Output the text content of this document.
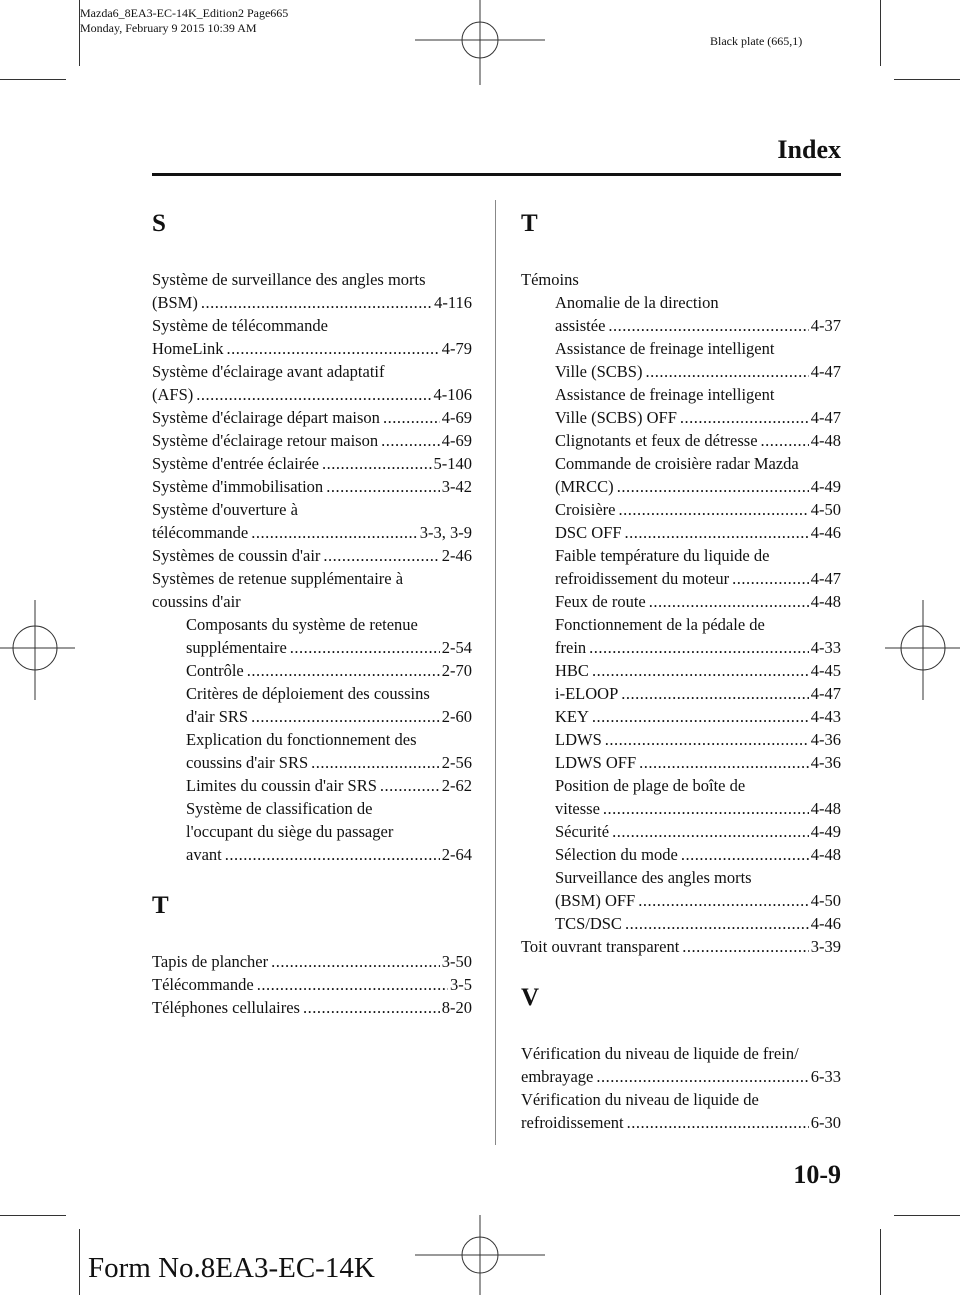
Mazda6_8EA3-EC-14K_Edition2 Page665
Monday, February 9 2015 10:39 AM
Black plate (665,1)
Index
S
Système de surveillance des angles morts
(BSM) .....	4-116
Système de télécommande
HomeLink .....	4-79
Système d'éclairage avant adaptatif
(AFS) .....	4-106
Système d'éclairage départ maison .....	4-69
Système d'éclairage retour maison .....	4-69
Système d'entrée éclairée .....	5-140
Système d'immobilisation .....	3-42
Système d'ouverture à
télécommande .....	3-3, 3-9
Systèmes de coussin d'air .....	2-46
Systèmes de retenue supplémentaire à
coussins d'air
Composants du système de retenue
supplémentaire .....	2-54
Contrôle .....	2-70
Critères de déploiement des coussins
d'air SRS .....	2-60
Explication du fonctionnement des
coussins d'air SRS .....	2-56
Limites du coussin d'air SRS .....	2-62
Système de classification de
l'occupant du siège du passager
avant .....	2-64
T
Tapis de plancher .....	3-50
Télécommande .....	3-5
Téléphones cellulaires .....	8-20
T
Témoins
Anomalie de la direction
assistée .....	4-37
Assistance de freinage intelligent
Ville (SCBS) .....	4-47
Assistance de freinage intelligent
Ville (SCBS) OFF .....	4-47
Clignotants et feux de détresse .....	4-48
Commande de croisière radar Mazda
(MRCC) .....	4-49
Croisière .....	4-50
DSC OFF .....	4-46
Faible température du liquide de
refroidissement du moteur .....	4-47
Feux de route .....	4-48
Fonctionnement de la pédale de
frein .....	4-33
HBC .....	4-45
i-ELOOP .....	4-47
KEY .....	4-43
LDWS .....	4-36
LDWS OFF .....	4-36
Position de plage de boîte de
vitesse .....	4-48
Sécurité .....	4-49
Sélection du mode .....	4-48
Surveillance des angles morts
(BSM) OFF .....	4-50
TCS/DSC .....	4-46
Toit ouvrant transparent .....	3-39
V
Vérification du niveau de liquide de frein/
embrayage .....	6-33
Vérification du niveau de liquide de
refroidissement .....	6-30
10-9
Form No.8EA3-EC-14K
